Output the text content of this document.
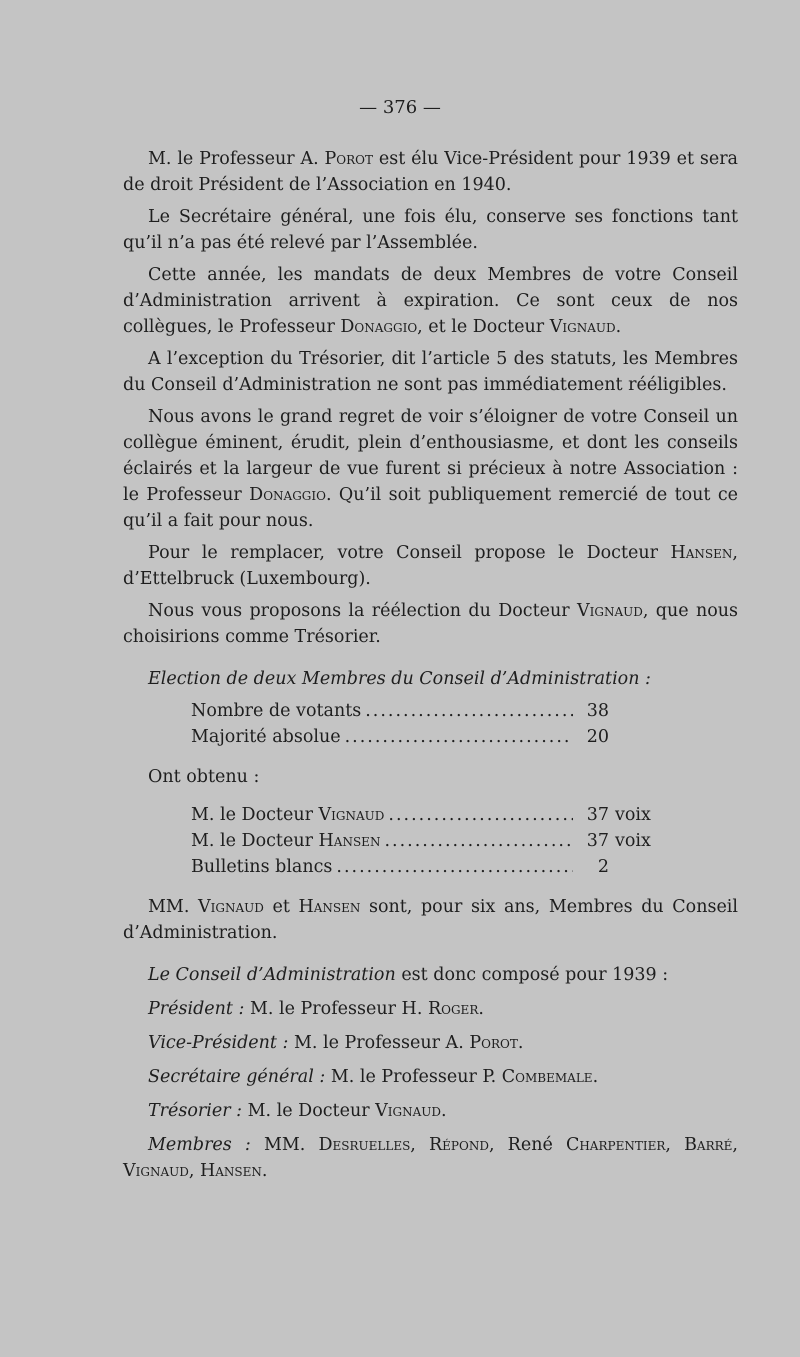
— 376 —

M. le Professeur A. Porot est élu Vice-Président pour 1939 et sera de droit Président de l’Association en 1940.

Le Secrétaire général, une fois élu, conserve ses fonctions tant qu’il n’a pas été relevé par l’Assemblée.

Cette année, les mandats de deux Membres de votre Conseil d’Administration arrivent à expiration. Ce sont ceux de nos collègues, le Professeur Donaggio, et le Docteur Vignaud.

A l’exception du Trésorier, dit l’article 5 des statuts, les Membres du Conseil d’Administration ne sont pas immédiatement rééligibles.

Nous avons le grand regret de voir s’éloigner de votre Conseil un collègue éminent, érudit, plein d’enthousiasme, et dont les conseils éclairés et la largeur de vue furent si précieux à notre Association : le Professeur Donaggio. Qu’il soit publiquement remercié de tout ce qu’il a fait pour nous.

Pour le remplacer, votre Conseil propose le Docteur Hansen, d’Ettelbruck (Luxembourg).

Nous vous proposons la réélection du Docteur Vignaud, que nous choisirions comme Trésorier.

Election de deux Membres du Conseil d’Administration :
Nombre de votants .....	38
Majorité absolue .....	20
Ont obtenu :
M. le Docteur Vignaud .....	37 voix
M. le Docteur Hansen .....	37 voix
Bulletins blancs .....	2

MM. Vignaud et Hansen sont, pour six ans, Membres du Conseil d’Administration.

Le Conseil d’Administration est donc composé pour 1939 :

Président : M. le Professeur H. Roger.

Vice-Président : M. le Professeur A. Porot.

Secrétaire général : M. le Professeur P. Combemale.

Trésorier : M. le Docteur Vignaud.

Membres : MM. Desruelles, Répond, René Charpentier, Barré, Vignaud, Hansen.
